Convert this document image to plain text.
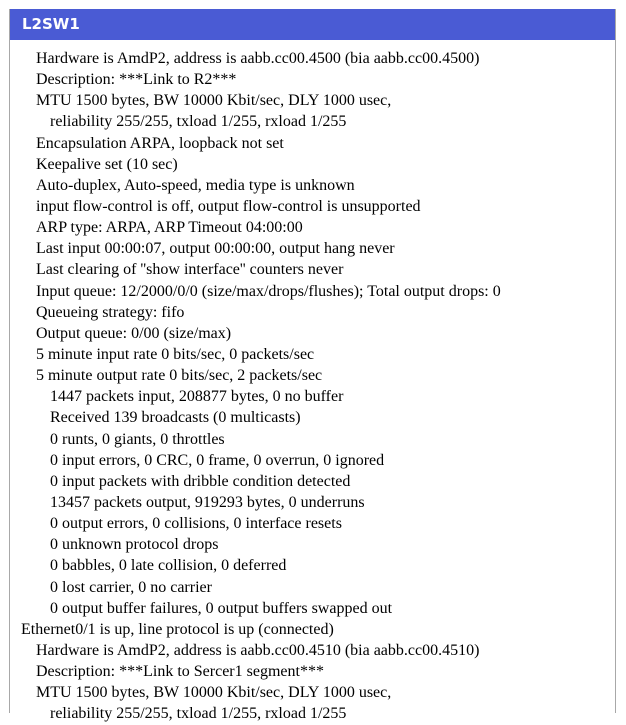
L2SW1
Hardware is AmdP2, address is aabb.cc00.4500 (bia aabb.cc00.4500)
Description: ***Link to R2***
MTU 1500 bytes, BW 10000 Kbit/sec, DLY 1000 usec,
reliability 255/255, txload 1/255, rxload 1/255
Encapsulation ARPA, loopback not set
Keepalive set (10 sec)
Auto-duplex, Auto-speed, media type is unknown
input flow-control is off, output flow-control is unsupported
ARP type: ARPA, ARP Timeout 04:00:00
Last input 00:00:07, output 00:00:00, output hang never
Last clearing of ''show interface'' counters never
Input queue: 12/2000/0/0 (size/max/drops/flushes); Total output drops: 0
Queueing strategy: fifo
Output queue: 0/00 (size/max)
5 minute input rate 0 bits/sec, 0 packets/sec
5 minute output rate 0 bits/sec, 2 packets/sec
1447 packets input, 208877 bytes, 0 no buffer
Received 139 broadcasts (0 multicasts)
0 runts, 0 giants, 0 throttles
0 input errors, 0 CRC, 0 frame, 0 overrun, 0 ignored
0 input packets with dribble condition detected
13457 packets output, 919293 bytes, 0 underruns
0 output errors, 0 collisions, 0 interface resets
0 unknown protocol drops
0 babbles, 0 late collision, 0 deferred
0 lost carrier, 0 no carrier
0 output buffer failures, 0 output buffers swapped out
Ethernet0/1 is up, line protocol is up (connected)
Hardware is AmdP2, address is aabb.cc00.4510 (bia aabb.cc00.4510)
Description: ***Link to Sercer1 segment***
MTU 1500 bytes, BW 10000 Kbit/sec, DLY 1000 usec,
reliability 255/255, txload 1/255, rxload 1/255
